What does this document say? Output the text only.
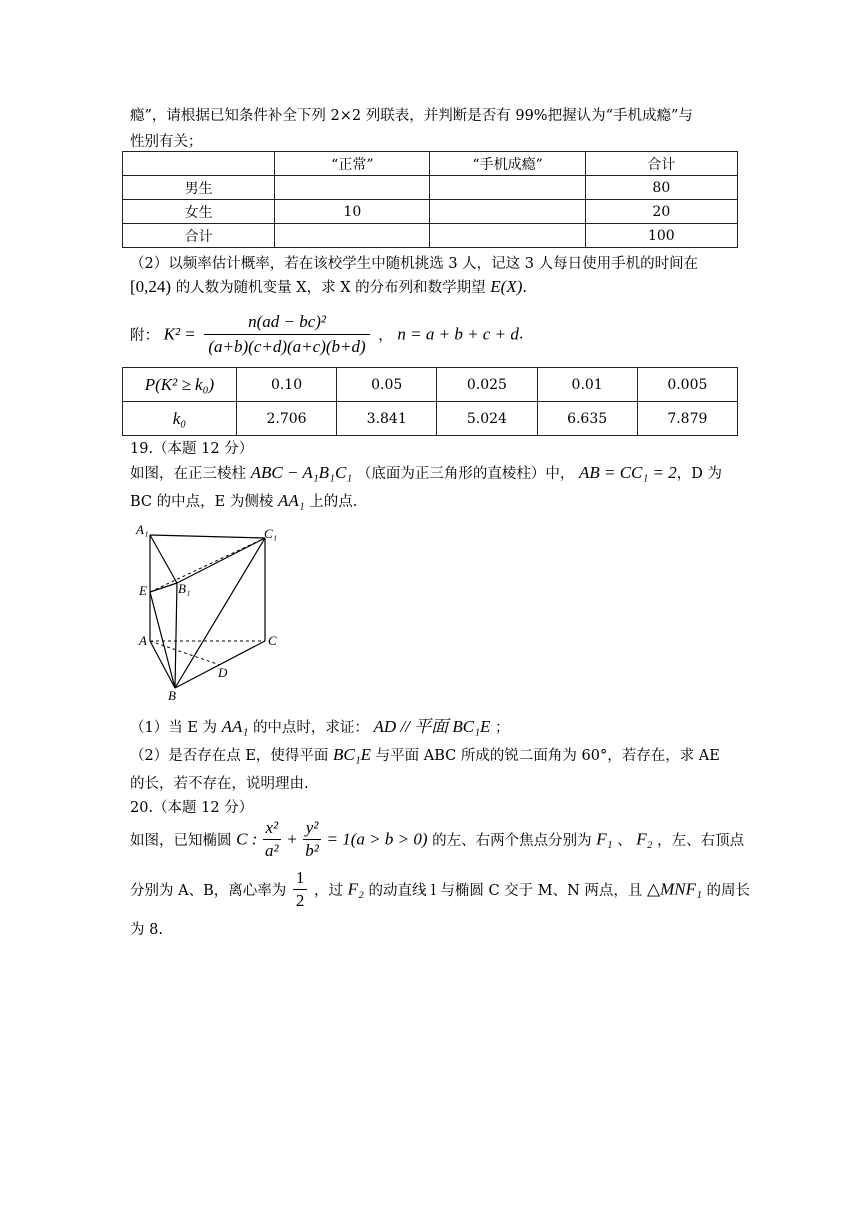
瘾”，请根据已知条件补全下列 2×2 列联表，并判断是否有 99%把握认为“手机成瘾”与
性别有关；
	“正常”	“手机成瘾”	合计
男生			80
女生	10		20
合计			100
（2）以频率估计概率，若在该校学生中随机挑选 3 人，记这 3 人每日使用手机的时间在
[0,24) 的人数为随机变量 X，求 X 的分布列和数学期望 E(X).
附： $K^2 = \frac{\text{n(ad − bc)²}}{(a+b)(c+d)(a+c)(b+d)}$ ， n = a + b + c + d.
P(K² ≥ k₀)	0.10	0.05	0.025	0.01	0.005
k₀	2.706	3.841	5.024	6.635	7.879
19.（本题 12 分）
如图，在正三棱柱 ABC − A₁B₁C₁ （底面为正三角形的直棱柱）中， AB = CC₁ = 2，D 为
BC 的中点，E 为侧棱 AA₁ 上的点.
A₁	C₁
B₁
E
A	C
D
B
（1）当 E 为 AA₁ 的中点时，求证： AD // 平面 BC₁E ；
（2）是否存在点 E，使得平面 BC₁E 与平面 ABC 所成的锐二面角为 60°，若存在，求 AE
的长，若不存在，说明理由.
20.（本题 12 分）
如图，已知椭圆 C : $\frac{\text{x²}}{\text{a²}} + \frac{\text{y²}}{\text{b²}} = 1(a > b > 0)$ 的左、右两个焦点分别为 F₁ 、 F₂ ，左、右顶点
分别为 A、B，离心率为 $\frac{1}{2}$ ，过 F₂ 的动直线 l 与椭圆 C 交于 M、N 两点，且 △MNF₁ 的周长
为 8.
